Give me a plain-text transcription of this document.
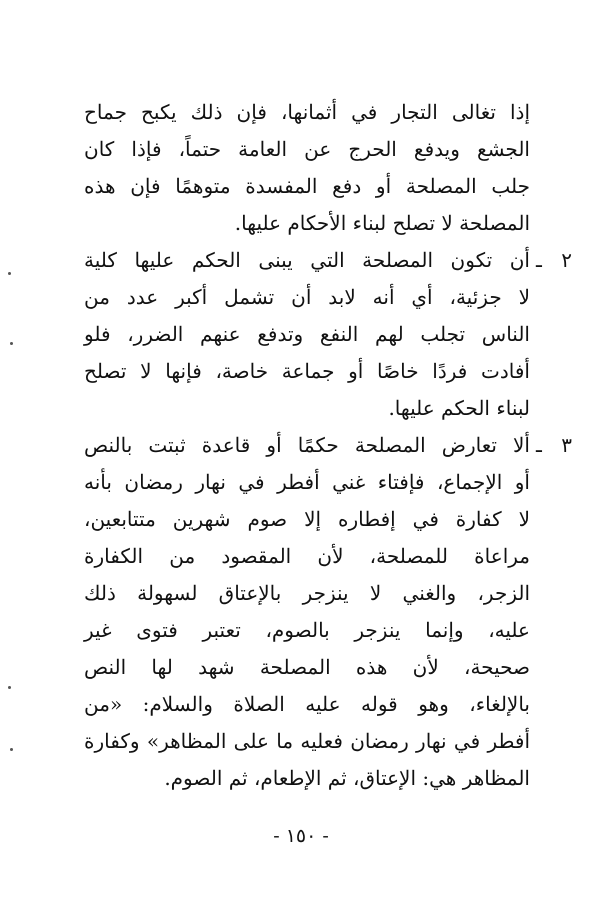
إذا تغالى التجار في أثمانها، فإن ذلك يكبح جماح
الجشع ويدفع الحرج عن العامة حتماً، فإذا كان
جلب المصلحة أو دفع المفسدة متوهمًا فإن هذه
المصلحة لا تصلح لبناء الأحكام عليها.
٢ ـ
أن تكون المصلحة التي يبنى الحكم عليها كلية
لا جزئية، أي أنه لابد أن تشمل أكبر عدد من
الناس تجلب لهم النفع وتدفع عنهم الضرر، فلو
أفادت فردًا خاصًا أو جماعة خاصة، فإنها لا تصلح
لبناء الحكم عليها.
٣ ـ
ألا تعارض المصلحة حكمًا أو قاعدة ثبتت بالنص
أو الإجماع، فإفتاء غني أفطر في نهار رمضان بأنه
لا كفارة في إفطاره إلا صوم شهرين متتابعين،
مراعاة للمصلحة، لأن المقصود من الكفارة
الزجر، والغني لا ينزجر بالإعتاق لسهولة ذلك
عليه، وإنما ينزجر بالصوم، تعتبر فتوى غير
صحيحة، لأن هذه المصلحة شهد لها النص
بالإلغاء، وهو قوله عليه الصلاة والسلام: «من
أفطر في نهار رمضان فعليه ما على المظاهر» وكفارة
المظاهر هي: الإعتاق، ثم الإطعام، ثم الصوم.
- ١٥٠ -
